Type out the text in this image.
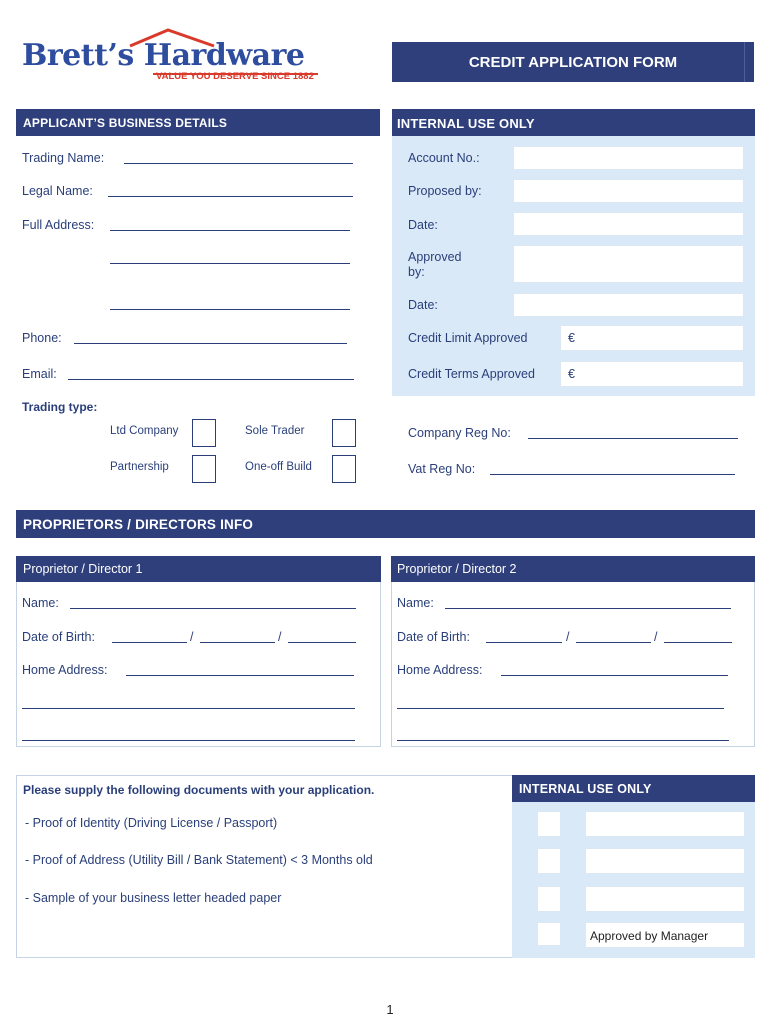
Brett’s Hardware
VALUE YOU DESERVE SINCE 1882
CREDIT APPLICATION FORM
APPLICANT’S BUSINESS DETAILS
Trading Name:
Legal Name:
Full Address:
Phone:
Email:
Trading type:
Ltd Company	Sole Trader
Partnership	One-off Build
INTERNAL USE ONLY
Account No.:
Proposed by:
Date:
Approved by:
Date:
Credit Limit Approved	€
Credit Terms Approved	€
Company Reg No:
Vat Reg No:
PROPRIETORS / DIRECTORS INFO
Proprietor / Director 1
Name:
Date of Birth:	/	/
Home Address:
Proprietor / Director 2
Name:
Date of Birth:	/	/
Home Address:
Please supply the following documents with your application.
- Proof of Identity (Driving License / Passport)
- Proof of Address (Utility Bill / Bank Statement) < 3 Months old
- Sample of your business letter headed paper
INTERNAL USE ONLY
Approved by Manager
1
